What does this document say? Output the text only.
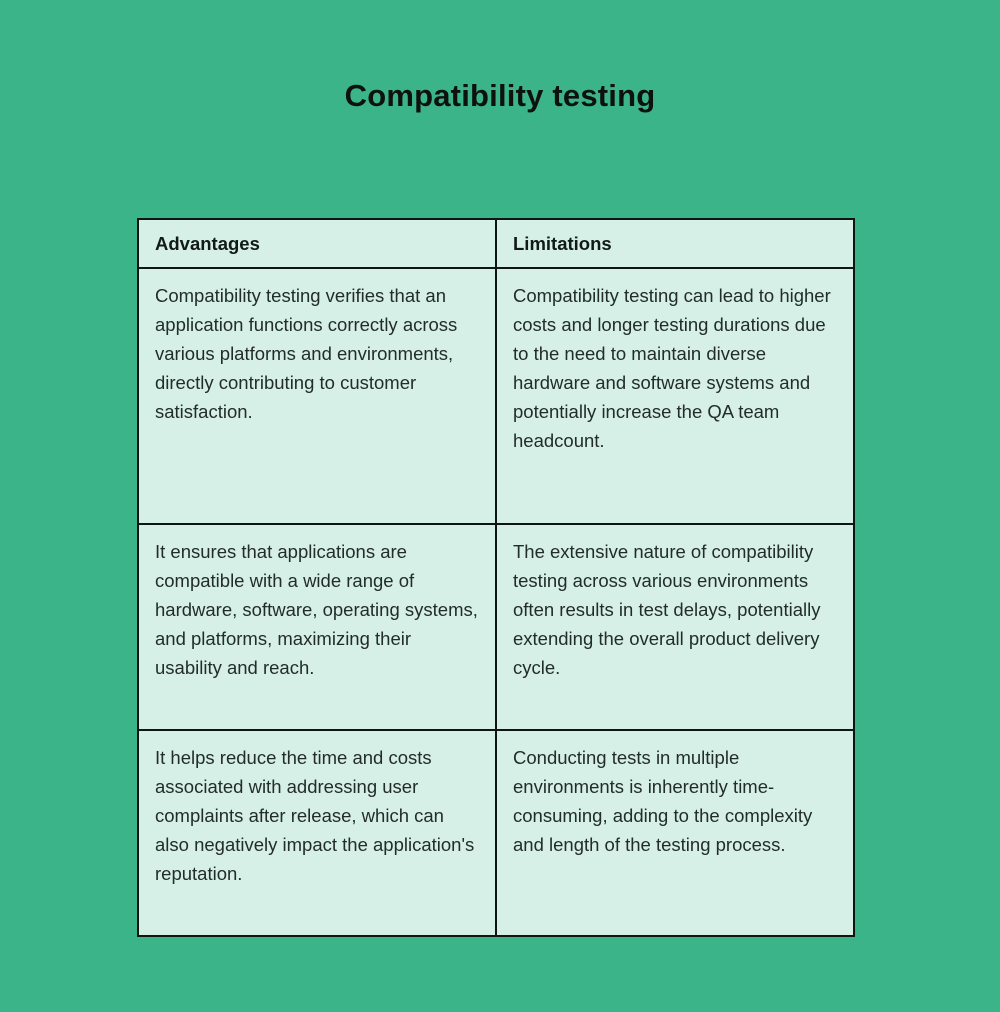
Compatibility testing
Advantages	Limitations
Compatibility testing verifies that an application functions correctly across various platforms and environments, directly contributing to customer satisfaction.	Compatibility testing can lead to higher costs and longer testing durations due to the need to maintain diverse hardware and software systems and potentially increase the QA team headcount.
It ensures that applications are compatible with a wide range of hardware, software, operating systems, and platforms, maximizing their usability and reach.	The extensive nature of compatibility testing across various environments often results in test delays, potentially extending the overall product delivery cycle.
It helps reduce the time and costs associated with addressing user complaints after release, which can also negatively impact the application's reputation.	Conducting tests in multiple environments is inherently time-consuming, adding to the complexity and length of the testing process.
